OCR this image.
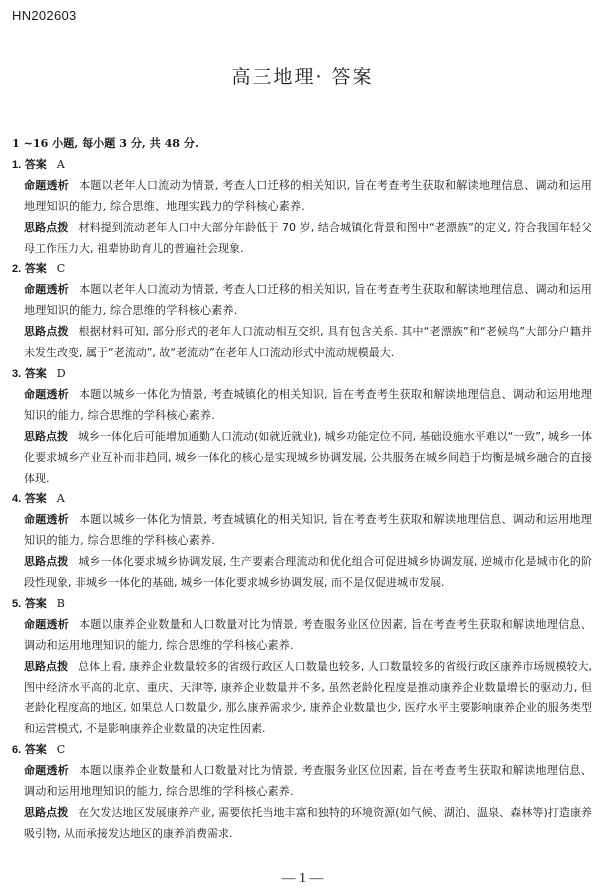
HN202603
高三地理· 答案

1 ~16 小题, 每小题 3 分, 共 48 分.

1. 答案 A

命题透析 本题以老年人口流动为情景, 考查人口迁移的相关知识, 旨在考查考生获取和解读地理信息、调动和运用地理知识的能力, 综合思维、地理实践力的学科核心素养.

思路点拨 材料提到流动老年人口中大部分年龄低于 70 岁, 结合城镇化背景和图中“老漂族”的定义, 符合我国年轻父母工作压力大, 祖辈协助育儿的普遍社会现象.

2. 答案 C

命题透析 本题以老年人口流动为情景, 考查人口迁移的相关知识, 旨在考查考生获取和解读地理信息、调动和运用地理知识的能力, 综合思维的学科核心素养.

思路点拨 根据材料可知, 部分形式的老年人口流动相互交织, 具有包含关系. 其中“老漂族”和“老候鸟”大部分户籍并未发生改变, 属于“老流动”, 故“老流动”在老年人口流动形式中流动规模最大.

3. 答案 D

命题透析 本题以城乡一体化为情景, 考查城镇化的相关知识, 旨在考查考生获取和解读地理信息、调动和运用地理知识的能力, 综合思维的学科核心素养.

思路点拨 城乡一体化后可能增加通勤人口流动(如就近就业), 城乡功能定位不同, 基础设施水平难以“一致”, 城乡一体化要求城乡产业互补而非趋同, 城乡一体化的核心是实现城乡协调发展, 公共服务在城乡间趋于均衡是城乡融合的直接体现.

4. 答案 A

命题透析 本题以城乡一体化为情景, 考查城镇化的相关知识, 旨在考查考生获取和解读地理信息、调动和运用地理知识的能力, 综合思维的学科核心素养.

思路点拨 城乡一体化要求城乡协调发展, 生产要素合理流动和优化组合可促进城乡协调发展, 逆城市化是城市化的阶段性现象, 非城乡一体化的基础, 城乡一体化要求城乡协调发展, 而不是仅促进城市发展.

5. 答案 B

命题透析 本题以康养企业数量和人口数量对比为情景, 考查服务业区位因素, 旨在考查考生获取和解读地理信息、调动和运用地理知识的能力, 综合思维的学科核心素养.

思路点拨 总体上看, 康养企业数量较多的省级行政区人口数量也较多, 人口数量较多的省级行政区康养市场规模较大, 图中经济水平高的北京、重庆、天津等, 康养企业数量并不多, 虽然老龄化程度是推动康养企业数量增长的驱动力, 但老龄化程度高的地区, 如果总人口数量少, 那么康养需求少, 康养企业数量也少, 医疗水平主要影响康养企业的服务类型和运营模式, 不是影响康养企业数量的决定性因素.

6. 答案 C

命题透析 本题以康养企业数量和人口数量对比为情景, 考查服务业区位因素, 旨在考查考生获取和解读地理信息、调动和运用地理知识的能力, 综合思维的学科核心素养.

思路点拨 在欠发达地区发展康养产业, 需要依托当地丰富和独特的环境资源(如气候、湖泊、温泉、森林等)打造康养吸引物, 从而承接发达地区的康养消费需求.

— 1 —
